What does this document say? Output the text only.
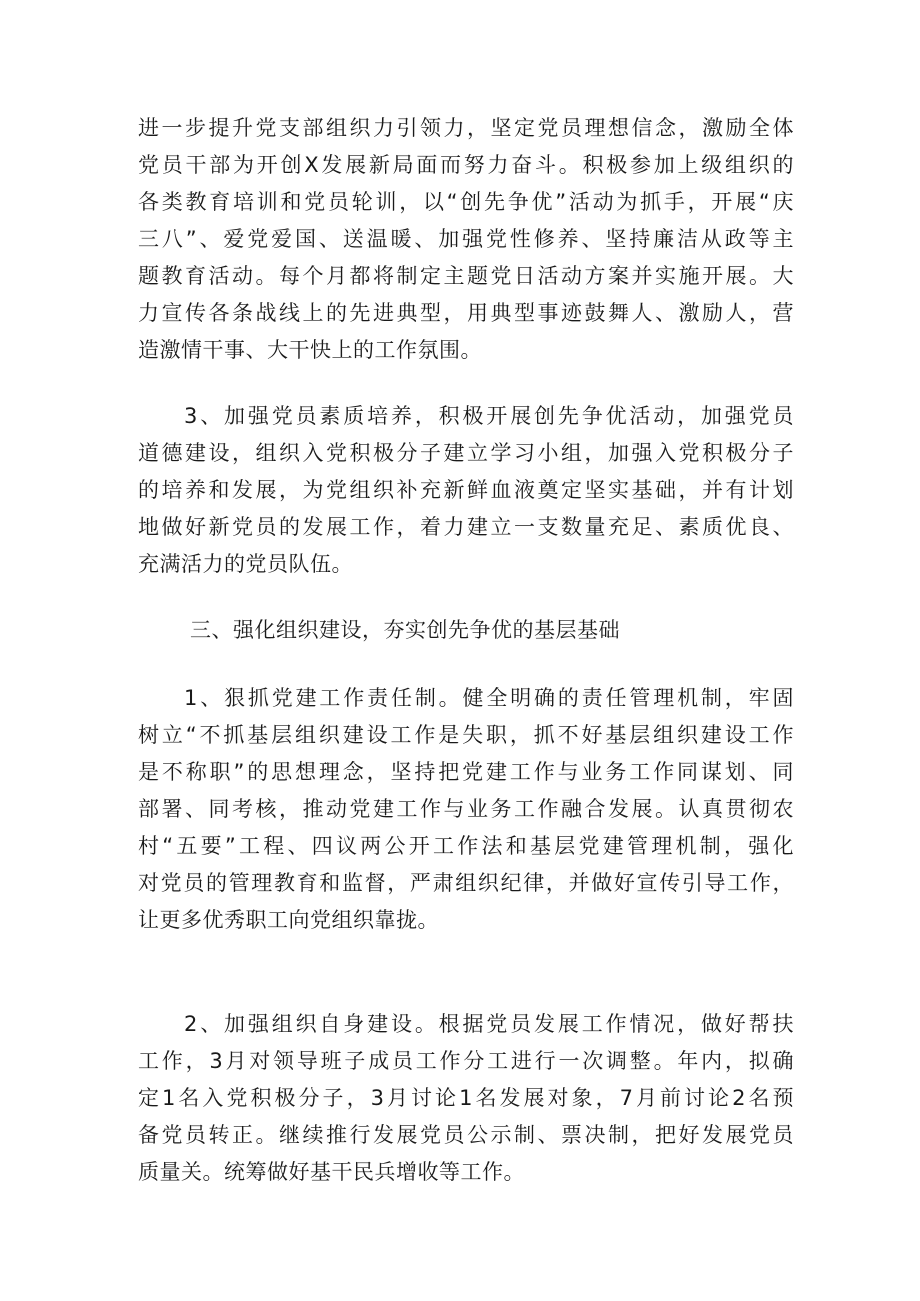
进一步提升党支部组织力引领力，坚定党员理想信念，激励全体
党员干部为开创X发展新局面而努力奋斗。积极参加上级组织的
各类教育培训和党员轮训，以“创先争优”活动为抓手，开展“庆
三八”、爱党爱国、送温暖、加强党性修养、坚持廉洁从政等主
题教育活动。每个月都将制定主题党日活动方案并实施开展。大
力宣传各条战线上的先进典型，用典型事迹鼓舞人、激励人，营
造激情干事、大干快上的工作氛围。
3、加强党员素质培养，积极开展创先争优活动，加强党员
道德建设，组织入党积极分子建立学习小组，加强入党积极分子
的培养和发展，为党组织补充新鲜血液奠定坚实基础，并有计划
地做好新党员的发展工作，着力建立一支数量充足、素质优良、
充满活力的党员队伍。
三、强化组织建设，夯实创先争优的基层基础
1、狠抓党建工作责任制。健全明确的责任管理机制，牢固
树立“不抓基层组织建设工作是失职，抓不好基层组织建设工作
是不称职”的思想理念，坚持把党建工作与业务工作同谋划、同
部署、同考核，推动党建工作与业务工作融合发展。认真贯彻农
村“五要”工程、四议两公开工作法和基层党建管理机制，强化
对党员的管理教育和监督，严肃组织纪律，并做好宣传引导工作，
让更多优秀职工向党组织靠拢。
2、加强组织自身建设。根据党员发展工作情况，做好帮扶
工作，3月对领导班子成员工作分工进行一次调整。年内，拟确
定1名入党积极分子，3月讨论1名发展对象，7月前讨论2名预
备党员转正。继续推行发展党员公示制、票决制，把好发展党员
质量关。统筹做好基干民兵增收等工作。
